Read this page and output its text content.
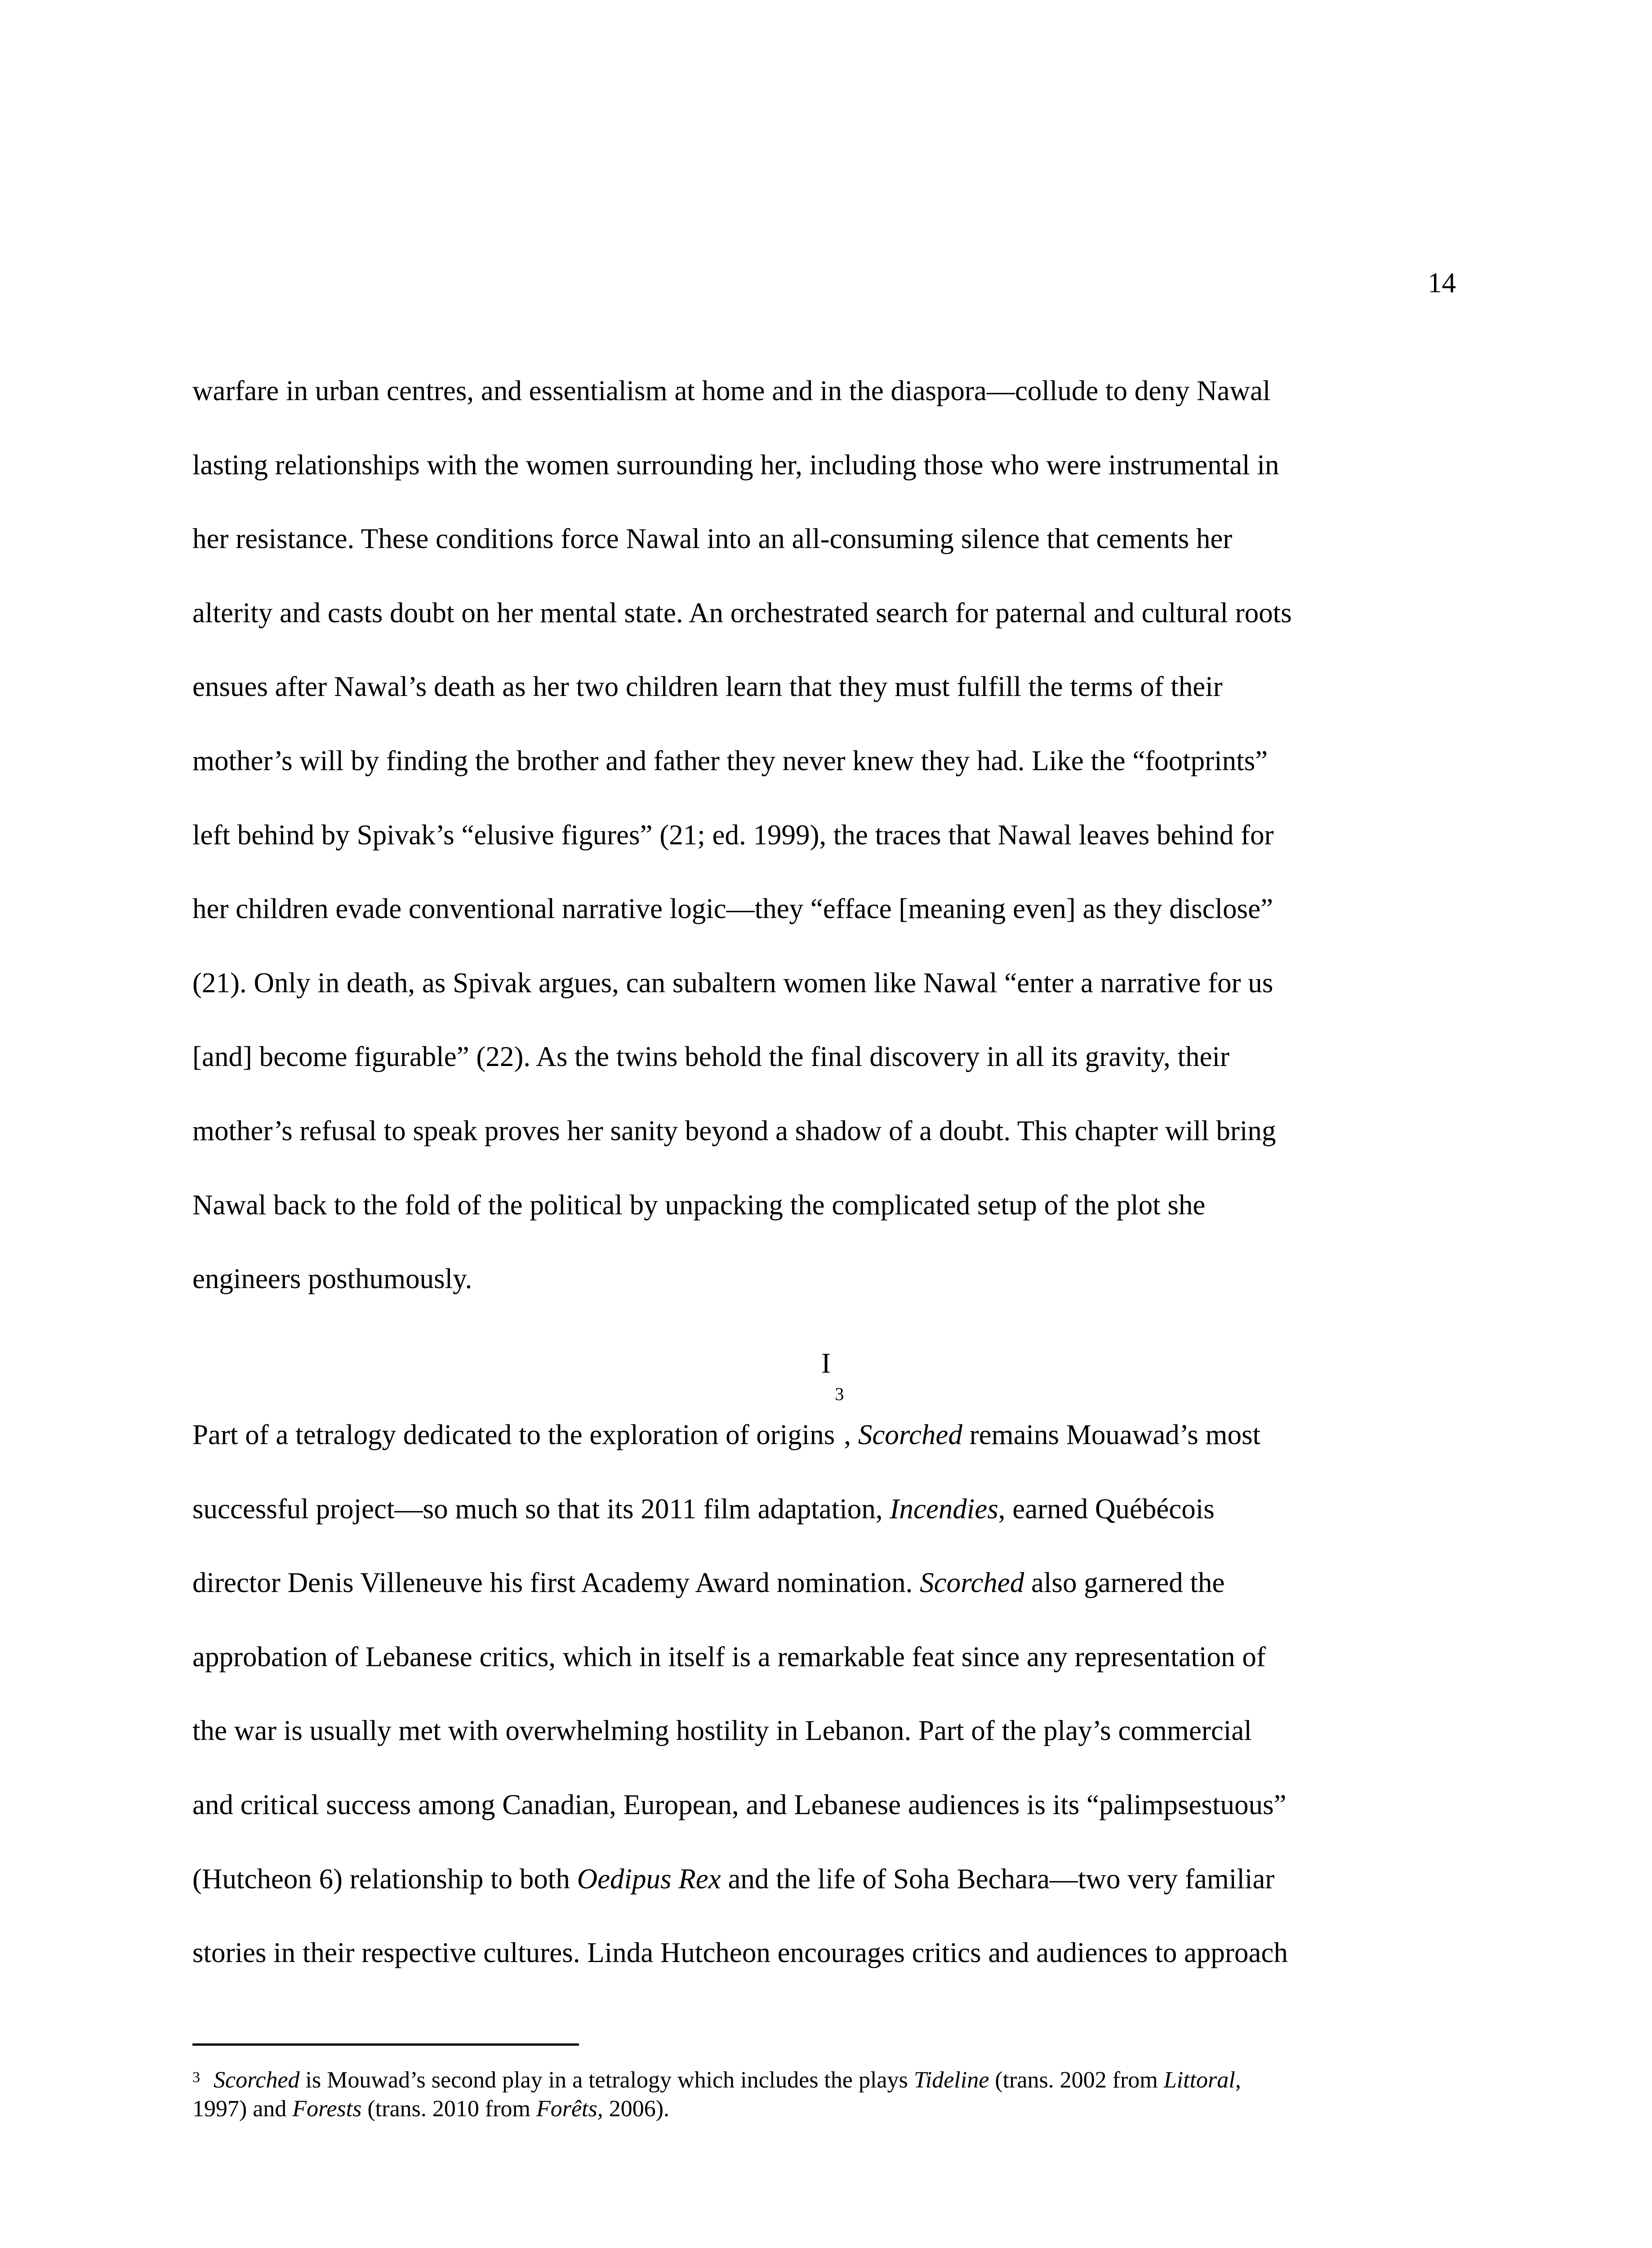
14
warfare in urban centres, and essentialism at home and in the diaspora—collude to deny Nawal
lasting relationships with the women surrounding her, including those who were instrumental in
her resistance. These conditions force Nawal into an all-consuming silence that cements her
alterity and casts doubt on her mental state. An orchestrated search for paternal and cultural roots
ensues after Nawal’s death as her two children learn that they must fulfill the terms of their
mother’s will by finding the brother and father they never knew they had. Like the “footprints”
left behind by Spivak’s “elusive figures” (21; ed. 1999), the traces that Nawal leaves behind for
her children evade conventional narrative logic—they “efface [meaning even] as they disclose”
(21). Only in death, as Spivak argues, can subaltern women like Nawal “enter a narrative for us
[and] become figurable” (22). As the twins behold the final discovery in all its gravity, their
mother’s refusal to speak proves her sanity beyond a shadow of a doubt. This chapter will bring
Nawal back to the fold of the political by unpacking the complicated setup of the plot she
engineers posthumously.
I
Part of a tetralogy dedicated to the exploration of origins$^3$, Scorched remains Mouawad’s most
successful project—so much so that its 2011 film adaptation, Incendies, earned Québécois
director Denis Villeneuve his first Academy Award nomination. Scorched also garnered the
approbation of Lebanese critics, which in itself is a remarkable feat since any representation of
the war is usually met with overwhelming hostility in Lebanon. Part of the play’s commercial
and critical success among Canadian, European, and Lebanese audiences is its “palimpsestuous”
(Hutcheon 6) relationship to both Oedipus Rex and the life of Soha Bechara—two very familiar
stories in their respective cultures. Linda Hutcheon encourages critics and audiences to approach
$^3$ Scorched is Mouwad’s second play in a tetralogy which includes the plays Tideline (trans. 2002 from Littoral,
1997) and Forests (trans. 2010 from Forêts, 2006).
